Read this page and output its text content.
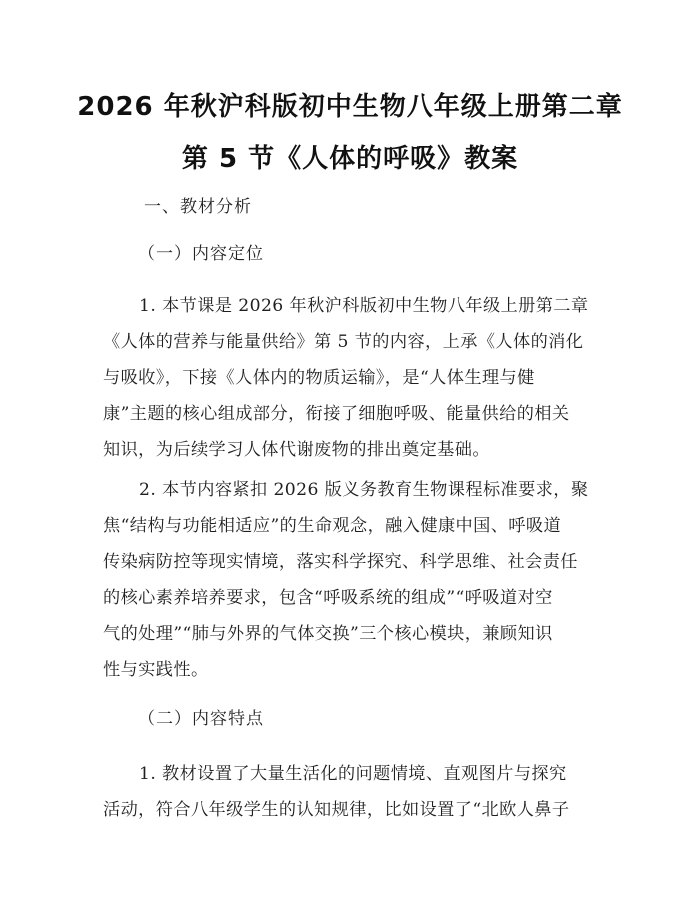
2026 年秋沪科版初中生物八年级上册第二章
第 5 节《人体的呼吸》教案
一、教材分析
（一）内容定位
1. 本节课是 2026 年秋沪科版初中生物八年级上册第二章
《人体的营养与能量供给》第 5 节的内容，上承《人体的消化
与吸收》，下接《人体内的物质运输》，是“人体生理与健
康”主题的核心组成部分，衔接了细胞呼吸、能量供给的相关
知识，为后续学习人体代谢废物的排出奠定基础。
2. 本节内容紧扣 2026 版义务教育生物课程标准要求，聚
焦“结构与功能相适应”的生命观念，融入健康中国、呼吸道
传染病防控等现实情境，落实科学探究、科学思维、社会责任
的核心素养培养要求，包含“呼吸系统的组成”“呼吸道对空
气的处理”“肺与外界的气体交换”三个核心模块，兼顾知识
性与实践性。
（二）内容特点
1. 教材设置了大量生活化的问题情境、直观图片与探究
活动，符合八年级学生的认知规律，比如设置了“北欧人鼻子
